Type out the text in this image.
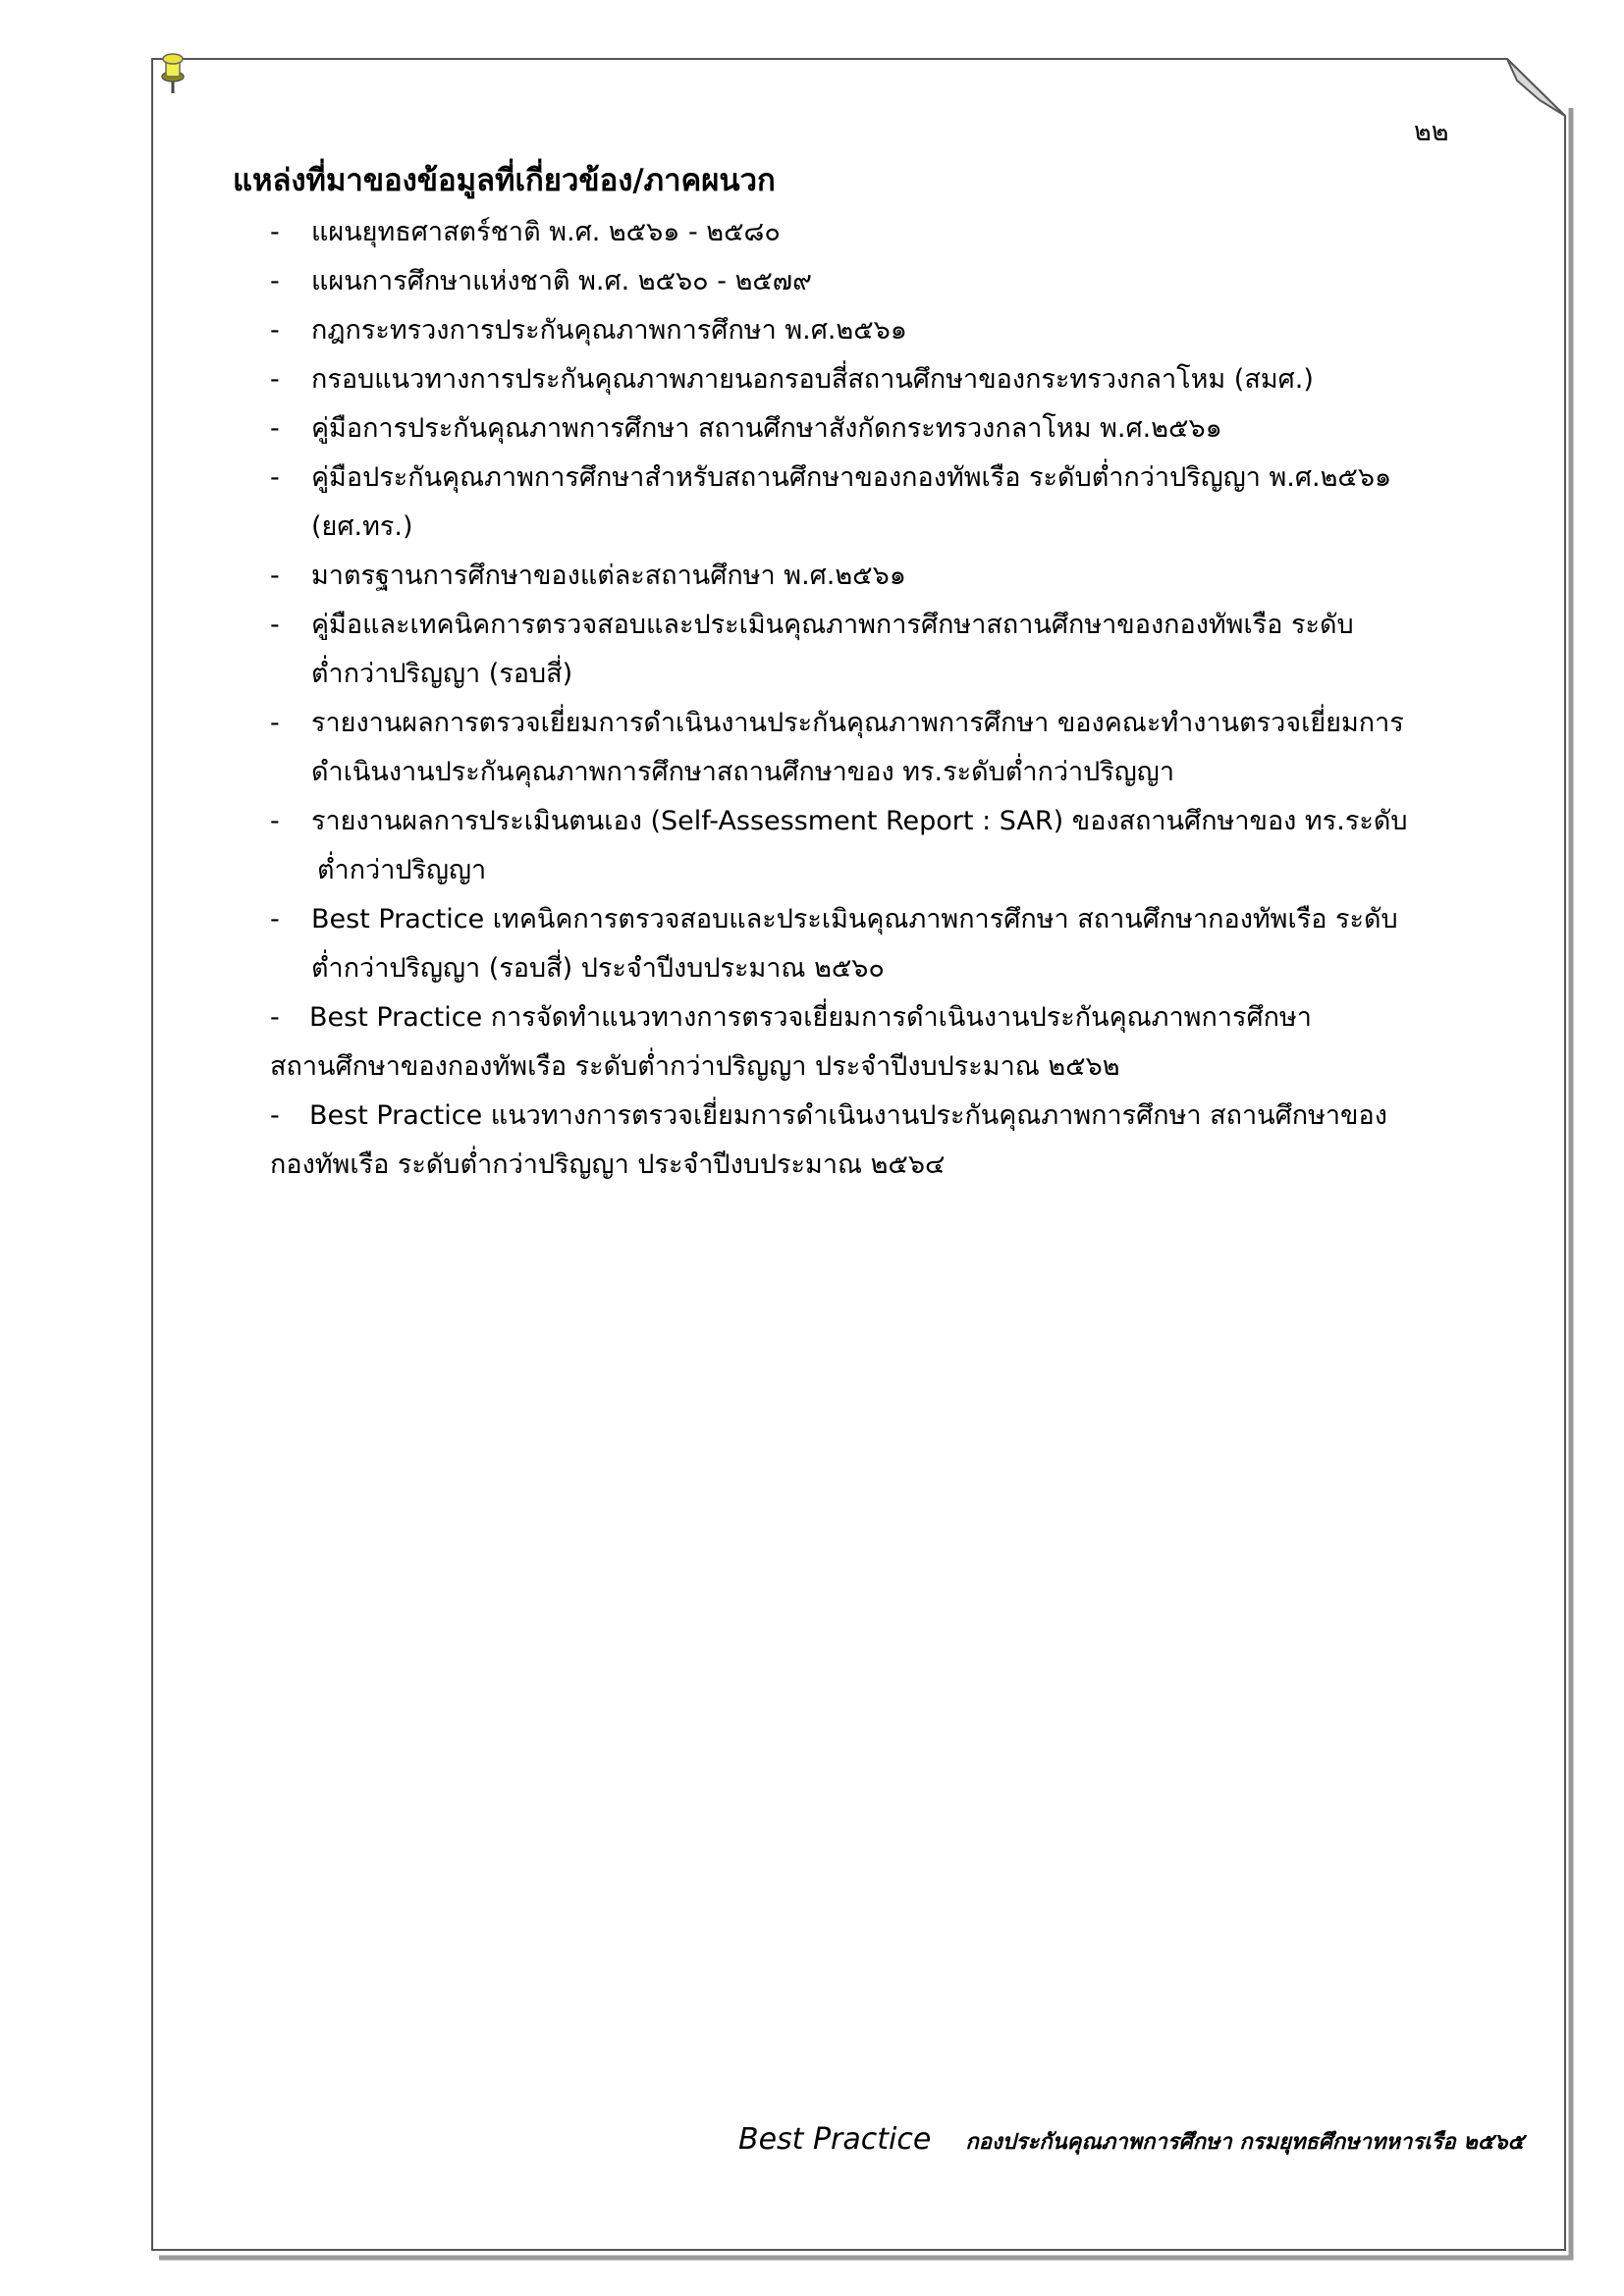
๒๒
แหล่งที่มาของข้อมูลที่เกี่ยวข้อง/ภาคผนวก
- แผนยุทธศาสตร์ชาติ พ.ศ. ๒๕๖๑ - ๒๕๘๐
- แผนการศึกษาแห่งชาติ พ.ศ. ๒๕๖๐ - ๒๕๗๙
- กฎกระทรวงการประกันคุณภาพการศึกษา พ.ศ.๒๕๖๑
- กรอบแนวทางการประกันคุณภาพภายนอกรอบสี่สถานศึกษาของกระทรวงกลาโหม (สมศ.)
- คู่มือการประกันคุณภาพการศึกษา สถานศึกษาสังกัดกระทรวงกลาโหม พ.ศ.๒๕๖๑
- คู่มือประกันคุณภาพการศึกษาสำหรับสถานศึกษาของกองทัพเรือ ระดับต่ำกว่าปริญญา พ.ศ.๒๕๖๑
(ยศ.ทร.)
- มาตรฐานการศึกษาของแต่ละสถานศึกษา พ.ศ.๒๕๖๑
- คู่มือและเทคนิคการตรวจสอบและประเมินคุณภาพการศึกษาสถานศึกษาของกองทัพเรือ ระดับ
ต่ำกว่าปริญญา (รอบสี่)
- รายงานผลการตรวจเยี่ยมการดำเนินงานประกันคุณภาพการศึกษา ของคณะทำงานตรวจเยี่ยมการ
ดำเนินงานประกันคุณภาพการศึกษาสถานศึกษาของ ทร.ระดับต่ำกว่าปริญญา
- รายงานผลการประเมินตนเอง (Self-Assessment Report : SAR) ของสถานศึกษาของ ทร.ระดับ
ต่ำกว่าปริญญา
- Best Practice เทคนิคการตรวจสอบและประเมินคุณภาพการศึกษา สถานศึกษากองทัพเรือ ระดับ
ต่ำกว่าปริญญา (รอบสี่) ประจำปีงบประมาณ ๒๕๖๐
- Best Practice การจัดทำแนวทางการตรวจเยี่ยมการดำเนินงานประกันคุณภาพการศึกษา
สถานศึกษาของกองทัพเรือ ระดับต่ำกว่าปริญญา ประจำปีงบประมาณ ๒๕๖๒
- Best Practice แนวทางการตรวจเยี่ยมการดำเนินงานประกันคุณภาพการศึกษา สถานศึกษาของ
กองทัพเรือ ระดับต่ำกว่าปริญญา ประจำปีงบประมาณ ๒๕๖๔
Best Practice กองประกันคุณภาพการศึกษา กรมยุทธศึกษาทหารเรือ ๒๕๖๕
